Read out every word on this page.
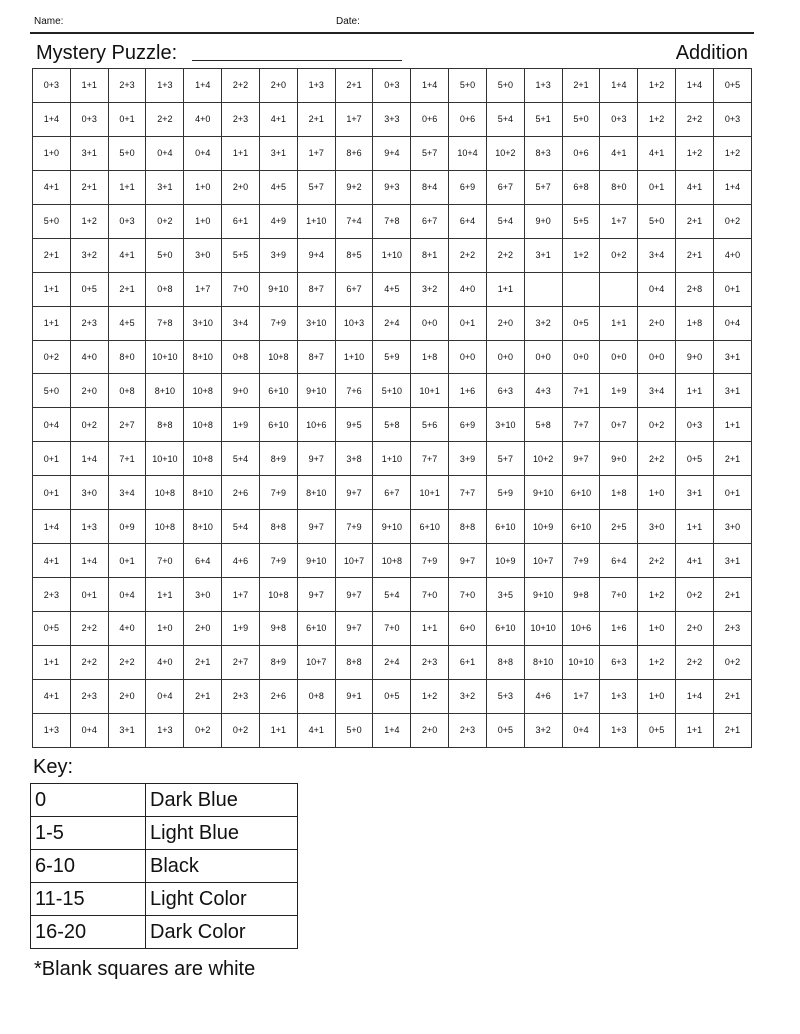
Name:	Date:
Mystery Puzzle:	Addition
0+3	1+1	2+3	1+3	1+4	2+2	2+0	1+3	2+1	0+3	1+4	5+0	5+0	1+3	2+1	1+4	1+2	1+4	0+5
1+4	0+3	0+1	2+2	4+0	2+3	4+1	2+1	1+7	3+3	0+6	0+6	5+4	5+1	5+0	0+3	1+2	2+2	0+3
1+0	3+1	5+0	0+4	0+4	1+1	3+1	1+7	8+6	9+4	5+7	10+4	10+2	8+3	0+6	4+1	4+1	1+2	1+2
4+1	2+1	1+1	3+1	1+0	2+0	4+5	5+7	9+2	9+3	8+4	6+9	6+7	5+7	6+8	8+0	0+1	4+1	1+4
5+0	1+2	0+3	0+2	1+0	6+1	4+9	1+10	7+4	7+8	6+7	6+4	5+4	9+0	5+5	1+7	5+0	2+1	0+2
2+1	3+2	4+1	5+0	3+0	5+5	3+9	9+4	8+5	1+10	8+1	2+2	2+2	3+1	1+2	0+2	3+4	2+1	4+0
1+1	0+5	2+1	0+8	1+7	7+0	9+10	8+7	6+7	4+5	3+2	4+0	1+1				0+4	2+8	0+1
1+1	2+3	4+5	7+8	3+10	3+4	7+9	3+10	10+3	2+4	0+0	0+1	2+0	3+2	0+5	1+1	2+0	1+8	0+4
0+2	4+0	8+0	10+10	8+10	0+8	10+8	8+7	1+10	5+9	1+8	0+0	0+0	0+0	0+0	0+0	0+0	9+0	3+1
5+0	2+0	0+8	8+10	10+8	9+0	6+10	9+10	7+6	5+10	10+1	1+6	6+3	4+3	7+1	1+9	3+4	1+1	3+1
0+4	0+2	2+7	8+8	10+8	1+9	6+10	10+6	9+5	5+8	5+6	6+9	3+10	5+8	7+7	0+7	0+2	0+3	1+1
0+1	1+4	7+1	10+10	10+8	5+4	8+9	9+7	3+8	1+10	7+7	3+9	5+7	10+2	9+7	9+0	2+2	0+5	2+1
0+1	3+0	3+4	10+8	8+10	2+6	7+9	8+10	9+7	6+7	10+1	7+7	5+9	9+10	6+10	1+8	1+0	3+1	0+1
1+4	1+3	0+9	10+8	8+10	5+4	8+8	9+7	7+9	9+10	6+10	8+8	6+10	10+9	6+10	2+5	3+0	1+1	3+0
4+1	1+4	0+1	7+0	6+4	4+6	7+9	9+10	10+7	10+8	7+9	9+7	10+9	10+7	7+9	6+4	2+2	4+1	3+1
2+3	0+1	0+4	1+1	3+0	1+7	10+8	9+7	9+7	5+4	7+0	7+0	3+5	9+10	9+8	7+0	1+2	0+2	2+1
0+5	2+2	4+0	1+0	2+0	1+9	9+8	6+10	9+7	7+0	1+1	6+0	6+10	10+10	10+6	1+6	1+0	2+0	2+3
1+1	2+2	2+2	4+0	2+1	2+7	8+9	10+7	8+8	2+4	2+3	6+1	8+8	8+10	10+10	6+3	1+2	2+2	0+2
4+1	2+3	2+0	0+4	2+1	2+3	2+6	0+8	9+1	0+5	1+2	3+2	5+3	4+6	1+7	1+3	1+0	1+4	2+1
1+3	0+4	3+1	1+3	0+2	0+2	1+1	4+1	5+0	1+4	2+0	2+3	0+5	3+2	0+4	1+3	0+5	1+1	2+1
Key:
0	Dark Blue
1-5	Light Blue
6-10	Black
11-15	Light Color
16-20	Dark Color
*Blank squares are white
